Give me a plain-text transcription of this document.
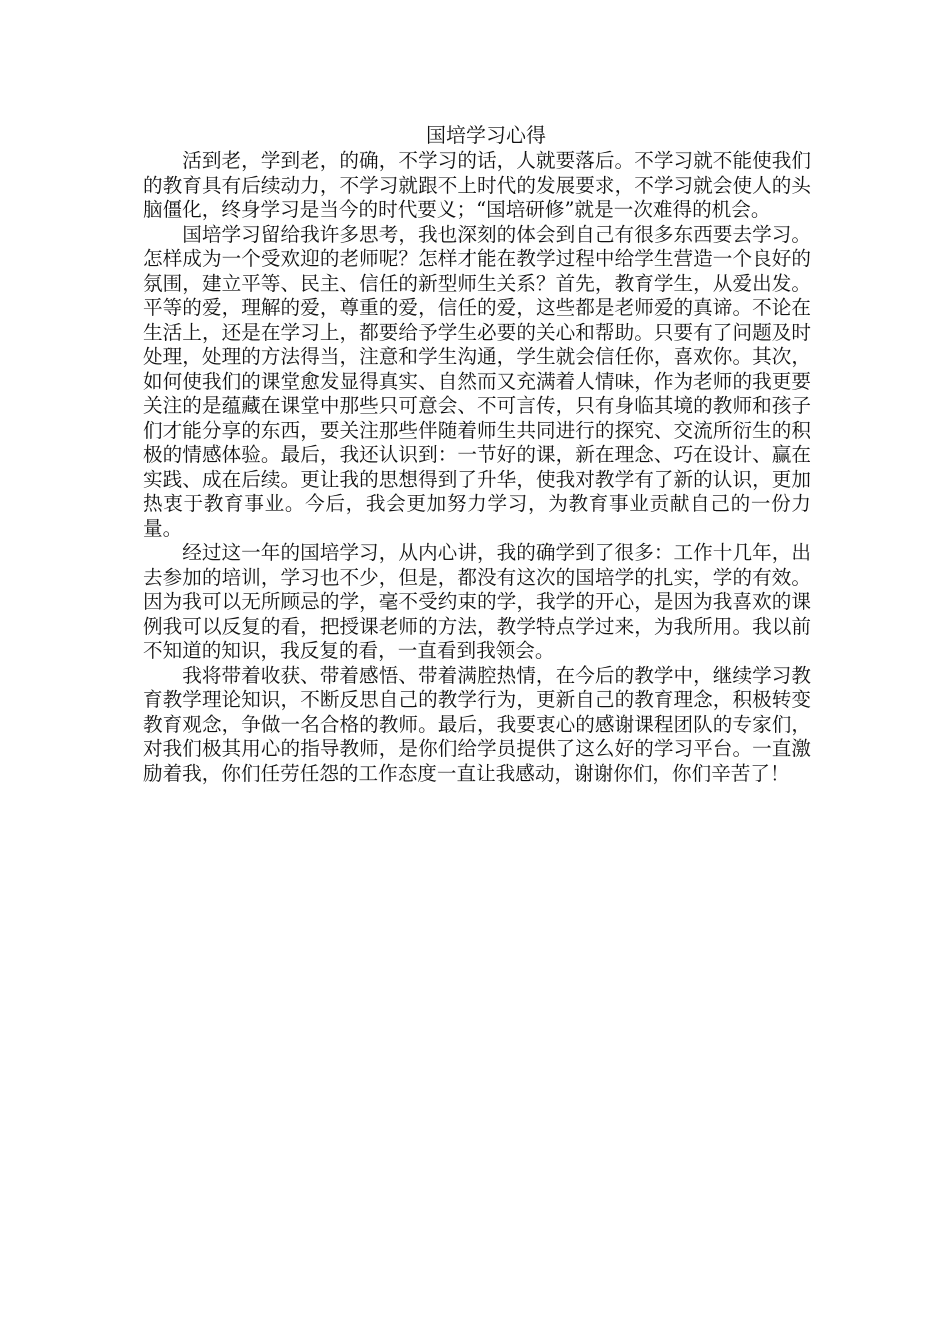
国培学习心得

活到老，学到老，的确，不学习的话，人就要落后。不学习就不能使我们的教育具有后续动力，不学习就跟不上时代的发展要求，不学习就会使人的头脑僵化，终身学习是当今的时代要义；“国培研修”就是一次难得的机会。

国培学习留给我许多思考，我也深刻的体会到自己有很多东西要去学习。怎样成为一个受欢迎的老师呢？怎样才能在教学过程中给学生营造一个良好的氛围，建立平等、民主、信任的新型师生关系？首先，教育学生，从爱出发。平等的爱，理解的爱，尊重的爱，信任的爱，这些都是老师爱的真谛。不论在生活上，还是在学习上，都要给予学生必要的关心和帮助。只要有了问题及时处理，处理的方法得当，注意和学生沟通，学生就会信任你，喜欢你。其次，如何使我们的课堂愈发显得真实、自然而又充满着人情味，作为老师的我更要关注的是蕴藏在课堂中那些只可意会、不可言传，只有身临其境的教师和孩子们才能分享的东西，要关注那些伴随着师生共同进行的探究、交流所衍生的积极的情感体验。最后，我还认识到：一节好的课，新在理念、巧在设计、赢在实践、成在后续。更让我的思想得到了升华，使我对教学有了新的认识，更加热衷于教育事业。今后，我会更加努力学习，为教育事业贡献自己的一份力量。

经过这一年的国培学习，从内心讲，我的确学到了很多：工作十几年，出去参加的培训，学习也不少，但是，都没有这次的国培学的扎实，学的有效。因为我可以无所顾忌的学，毫不受约束的学，我学的开心，是因为我喜欢的课例我可以反复的看，把授课老师的方法，教学特点学过来，为我所用。我以前不知道的知识，我反复的看，一直看到我领会。

我将带着收获、带着感悟、带着满腔热情，在今后的教学中，继续学习教育教学理论知识，不断反思自己的教学行为，更新自己的教育理念，积极转变教育观念，争做一名合格的教师。最后，我要衷心的感谢课程团队的专家们，对我们极其用心的指导教师，是你们给学员提供了这么好的学习平台。一直激励着我，你们任劳任怨的工作态度一直让我感动，谢谢你们，你们辛苦了！
